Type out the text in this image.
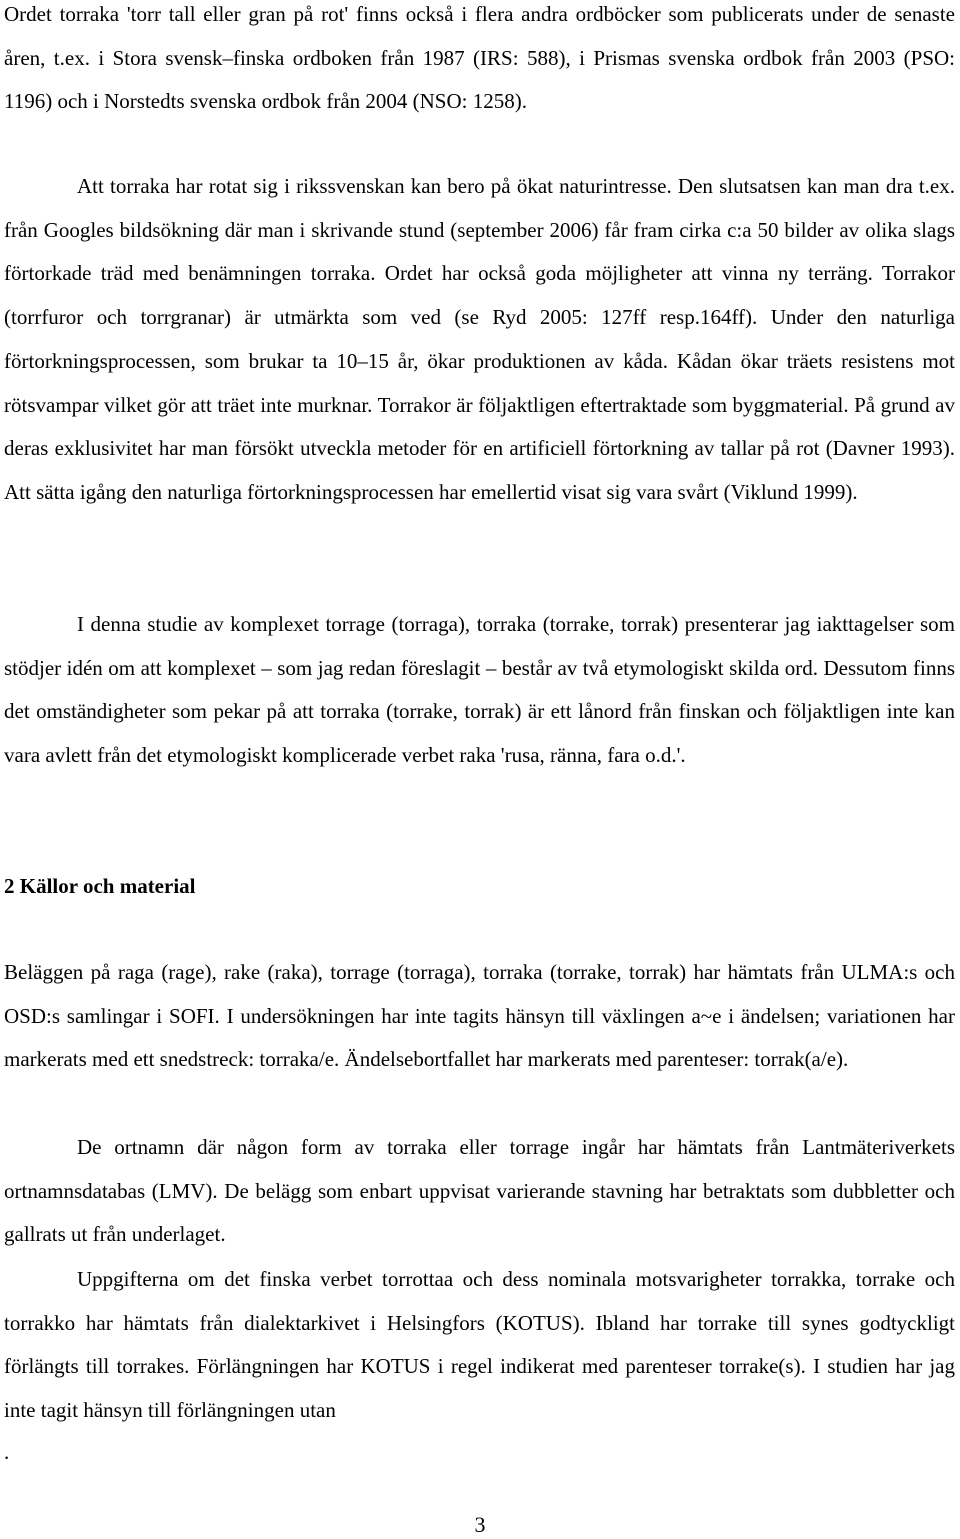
Ordet torraka 'torr tall eller gran på rot' finns också i flera andra ordböcker som publicerats under de senaste åren, t.ex. i Stora svensk–finska ordboken från 1987 (IRS: 588), i Prismas svenska ordbok från 2003 (PSO: 1196) och i Norstedts svenska ordbok från 2004 (NSO: 1258).

Att torraka har rotat sig i rikssvenskan kan bero på ökat naturintresse. Den slutsatsen kan man dra t.ex. från Googles bildsökning där man i skrivande stund (september 2006) får fram cirka c:a 50 bilder av olika slags förtorkade träd med benämningen torraka. Ordet har också goda möjligheter att vinna ny terräng. Torrakor (torrfuror och torrgranar) är utmärkta som ved (se Ryd 2005: 127ff resp.164ff). Under den naturliga förtorkningsprocessen, som brukar ta 10–15 år, ökar produktionen av kåda. Kådan ökar träets resistens mot rötsvampar vilket gör att träet inte murknar. Torrakor är följaktligen eftertraktade som byggmaterial. På grund av deras exklusivitet har man försökt utveckla metoder för en artificiell förtorkning av tallar på rot (Davner 1993). Att sätta igång den naturliga förtorkningsprocessen har emellertid visat sig vara svårt (Viklund 1999).

I denna studie av komplexet torrage (torraga), torraka (torrake, torrak) presenterar jag iakttagelser som stödjer idén om att komplexet – som jag redan föreslagit – består av två etymologiskt skilda ord. Dessutom finns det omständigheter som pekar på att torraka (torrake, torrak) är ett lånord från finskan och följaktligen inte kan vara avlett från det etymologiskt komplicerade verbet raka 'rusa, ränna, fara o.d.'.

2 Källor och material

Beläggen på raga (rage), rake (raka), torrage (torraga), torraka (torrake, torrak) har hämtats från ULMA:s och OSD:s samlingar i SOFI. I undersökningen har inte tagits hänsyn till växlingen a~e i ändelsen; variationen har markerats med ett snedstreck: torraka/e. Ändelsebortfallet har markerats med parenteser: torrak(a/e).

De ortnamn där någon form av torraka eller torrage ingår har hämtats från Lantmäteriverkets ortnamnsdatabas (LMV). De belägg som enbart uppvisat varierande stavning har betraktats som dubbletter och gallrats ut från underlaget.

Uppgifterna om det finska verbet torrottaa och dess nominala motsvarigheter torrakka, torrake och torrakko har hämtats från dialektarkivet i Helsingfors (KOTUS). Ibland har torrake till synes godtyckligt förlängts till torrakes. Förlängningen har KOTUS i regel indikerat med parenteser torrake(s). I studien har jag inte tagit hänsyn till förlängningen utan

.

3
